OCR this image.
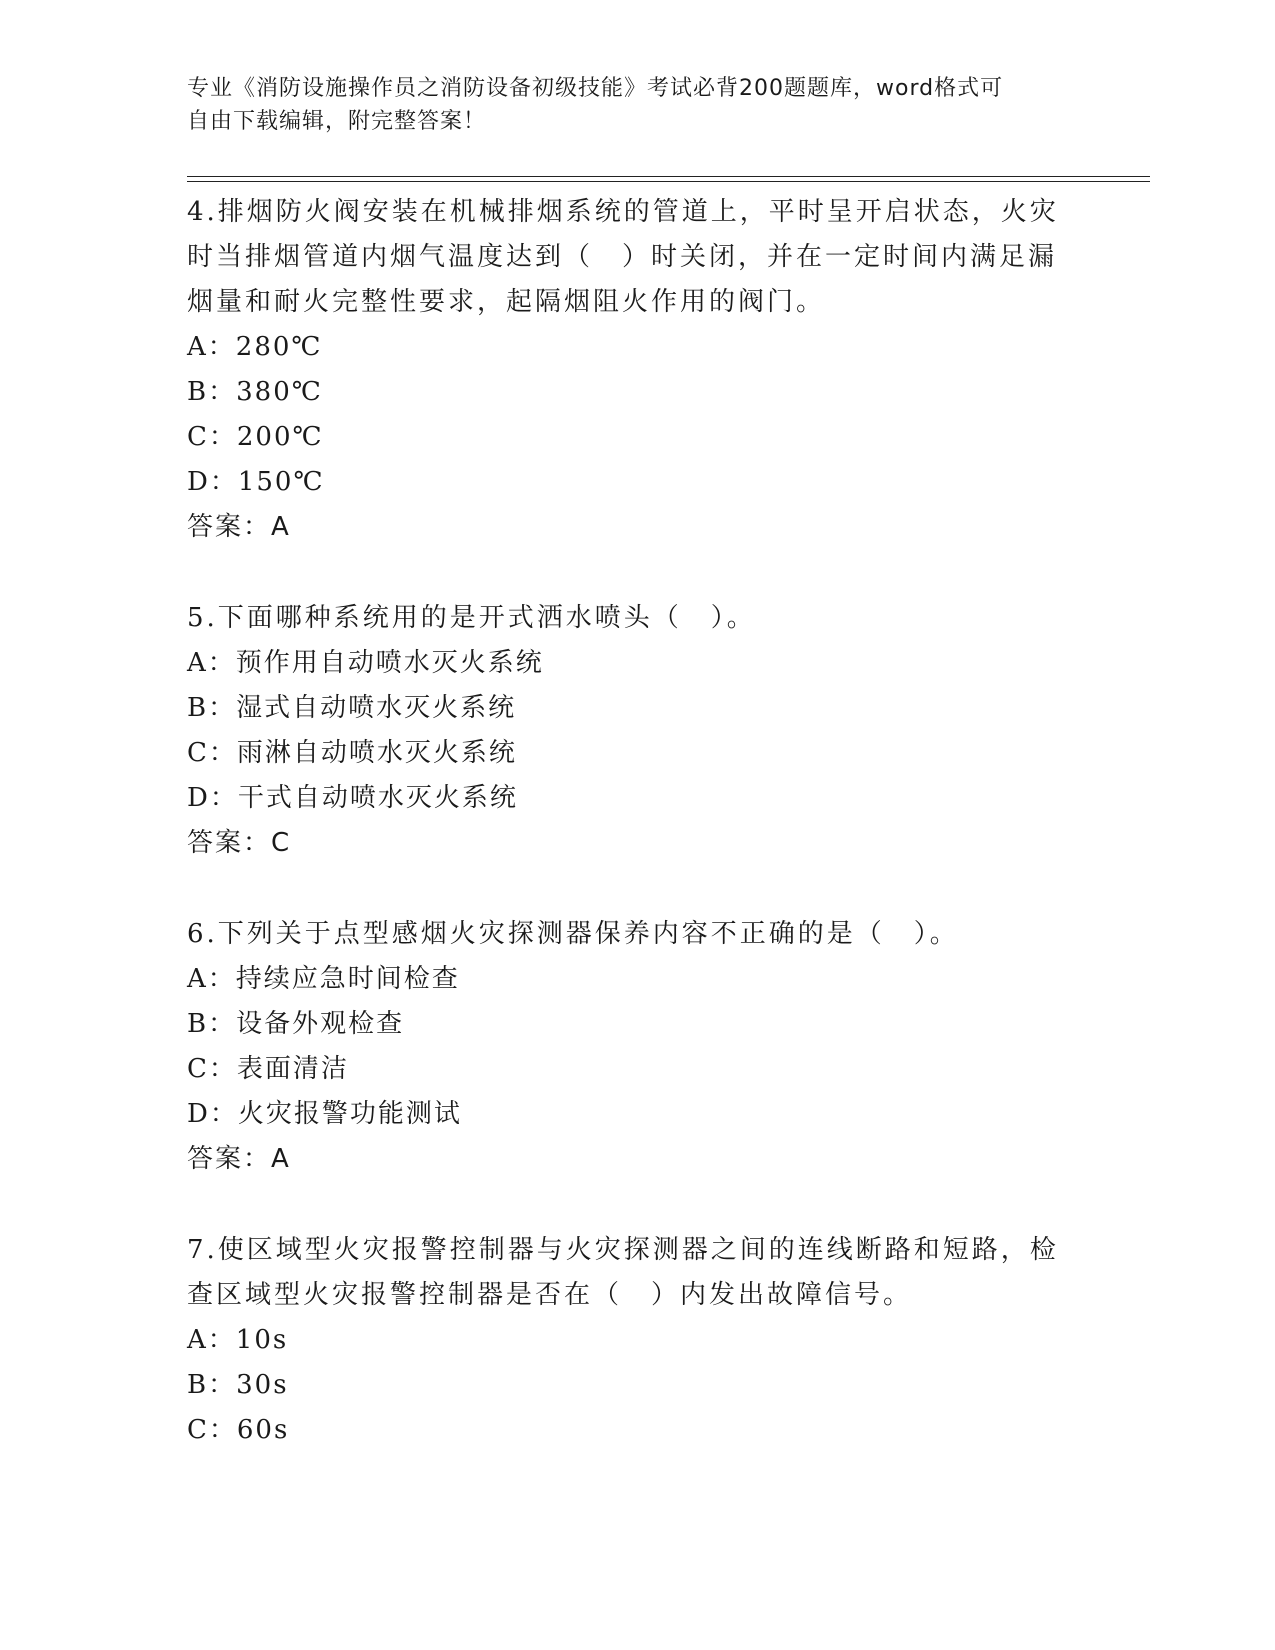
专业《消防设施操作员之消防设备初级技能》考试必背200题题库，word格式可
自由下载编辑，附完整答案！

4.排烟防火阀安装在机械排烟系统的管道上，平时呈开启状态，火灾

时当排烟管道内烟气温度达到（　）时关闭，并在一定时间内满足漏

烟量和耐火完整性要求，起隔烟阻火作用的阀门。

A：280℃

B：380℃

C：200℃

D：150℃

答案：A

5.下面哪种系统用的是开式洒水喷头（　）。

A：预作用自动喷水灭火系统

B：湿式自动喷水灭火系统

C：雨淋自动喷水灭火系统

D：干式自动喷水灭火系统

答案：C

6.下列关于点型感烟火灾探测器保养内容不正确的是（　）。

A：持续应急时间检查

B：设备外观检查

C：表面清洁

D：火灾报警功能测试

答案：A

7.使区域型火灾报警控制器与火灾探测器之间的连线断路和短路，检

查区域型火灾报警控制器是否在（　）内发出故障信号。

A：10s

B：30s

C：60s
